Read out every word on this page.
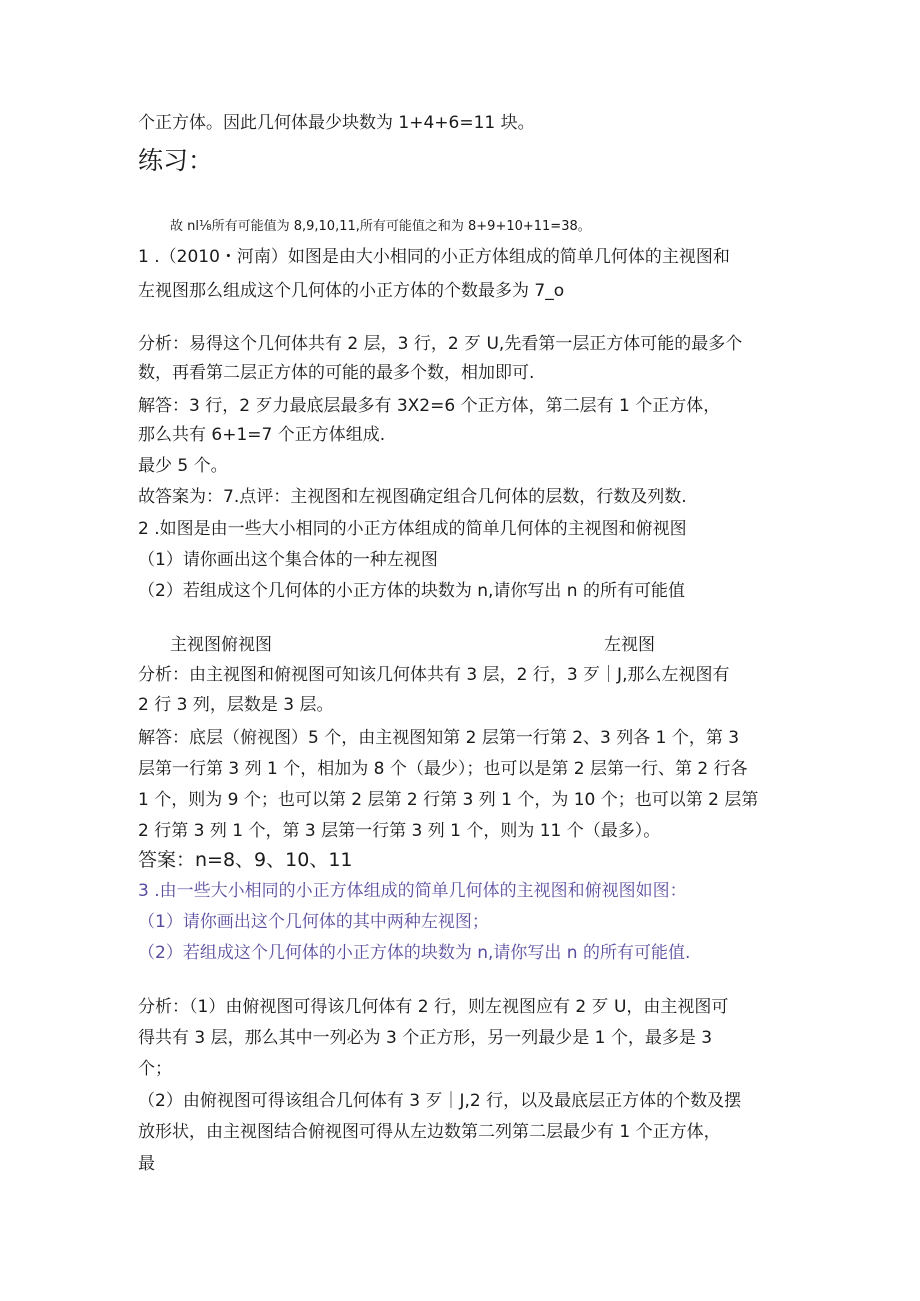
个正方体。因此几何体最少块数为 1+4+6=11 块。
练习：
故 nl⅛所有可能值为 8,9,10,11,所有可能值之和为 8+9+10+11=38。
1 .（2010・河南）如图是由大小相同的小正方体组成的简单几何体的主视图和
左视图那么组成这个几何体的小正方体的个数最多为 7_o
分析：易得这个几何体共有 2 层，3 行，2 歹 U,先看第一层正方体可能的最多个
数，再看第二层正方体的可能的最多个数，相加即可.
解答：3 行，2 歹力最底层最多有 3X2=6 个正方体，第二层有 1 个正方体，
那么共有 6+1=7 个正方体组成.
最少 5 个。
故答案为：7.点评：主视图和左视图确定组合几何体的层数，行数及列数.
2 .如图是由一些大小相同的小正方体组成的简单几何体的主视图和俯视图
（1）请你画出这个集合体的一种左视图
（2）若组成这个几何体的小正方体的块数为 n,请你写出 n 的所有可能值
主视图俯视图	左视图
分析：由主视图和俯视图可知该几何体共有 3 层，2 行，3 歹｜J,那么左视图有
2 行 3 列，层数是 3 层。
解答：底层（俯视图）5 个，由主视图知第 2 层第一行第 2、3 列各 1 个，第 3
层第一行第 3 列 1 个，相加为 8 个（最少）；也可以是第 2 层第一行、第 2 行各
1 个，则为 9 个；也可以第 2 层第 2 行第 3 列 1 个，为 10 个；也可以第 2 层第
2 行第 3 列 1 个，第 3 层第一行第 3 列 1 个，则为 11 个（最多）。
答案：n=8、9、10、11
3 .由一些大小相同的小正方体组成的简单几何体的主视图和俯视图如图：
（1）请你画出这个几何体的其中两种左视图；
（2）若组成这个几何体的小正方体的块数为 n,请你写出 n 的所有可能值.
分析：（1）由俯视图可得该几何体有 2 行，则左视图应有 2 歹 U，由主视图可
得共有 3 层，那么其中一列必为 3 个正方形，另一列最少是 1 个，最多是 3
个；
（2）由俯视图可得该组合几何体有 3 歹｜J,2 行，以及最底层正方体的个数及摆
放形状，由主视图结合俯视图可得从左边数第二列第二层最少有 1 个正方体，
最
